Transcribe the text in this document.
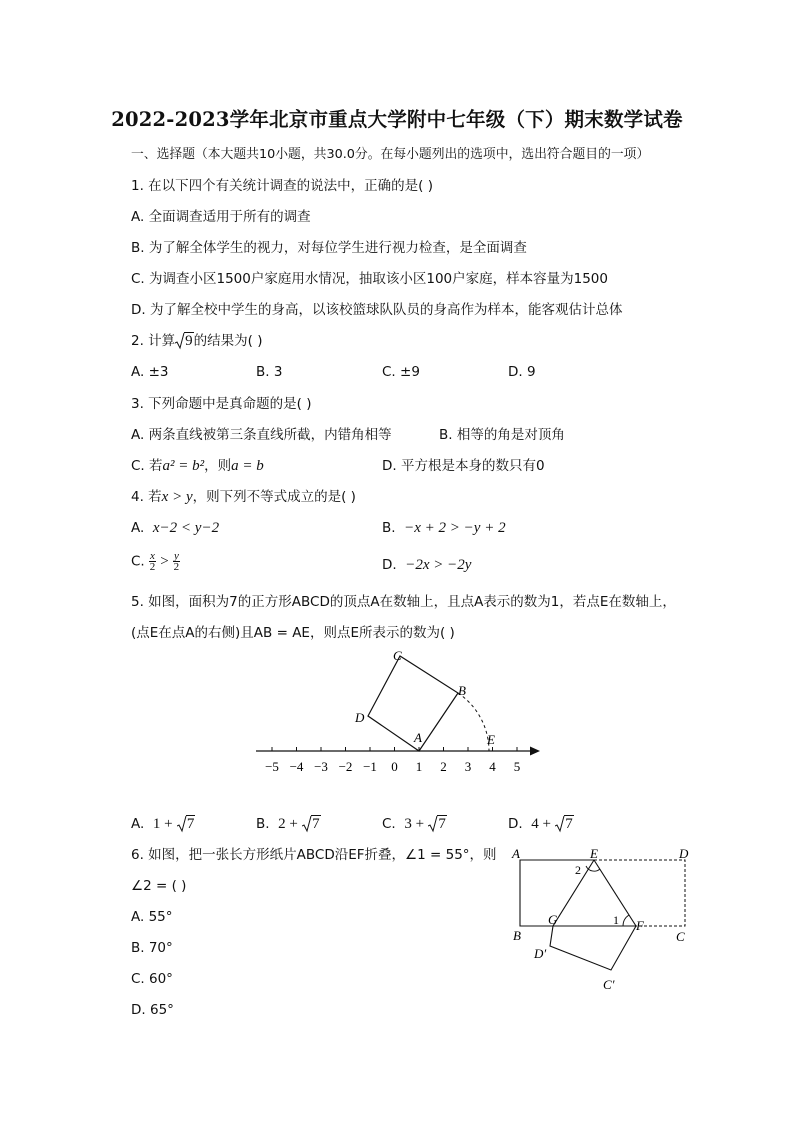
2022-2023学年北京市重点大学附中七年级（下）期末数学试卷
一、选择题（本大题共10小题，共30.0分。在每小题列出的选项中，选出符合题目的一项）
1. 在以下四个有关统计调查的说法中，正确的是( )
A. 全面调查适用于所有的调查
B. 为了解全体学生的视力，对每位学生进行视力检查，是全面调查
C. 为调查小区1500户家庭用水情况，抽取该小区100户家庭，样本容量为1500
D. 为了解全校中学生的身高，以该校篮球队队员的身高作为样本，能客观估计总体
2. 计算 9的结果为( )
A. ±3	B. 3	C. ±9	D. 9
3. 下列命题中是真命题的是( )
A. 两条直线被第三条直线所截，内错角相等	B. 相等的角是对顶角
C. 若a² = b²，则a = b	D. 平方根是本身的数只有0
4. 若x > y，则下列不等式成立的是( )
A. x−2 < y−2	B. −x + 2 > −y + 2
C. $\frac{x}{2} > \frac{y}{2}$	D. −2x > −2y
5. 如图，面积为7的正方形ABCD的顶点A在数轴上，且点A表示的数为1，若点E在数轴上，
(点E在点A的右侧)且AB = AE，则点E所表示的数为( )
C
B
D
A	E
−5 −4 −3 −2 −1 0 1 2 3 4 5
A. 1 + 7	B. 2 + 7	C. 3 + 7	D. 4 + 7
6. 如图，把一张长方形纸片ABCD沿EF折叠，∠1 = 55°，则
∠2 = ( )
A. 55°
B. 70°
C. 60°
D. 65°
A	E	D
B
G	F
C
D′
C′
1
2
